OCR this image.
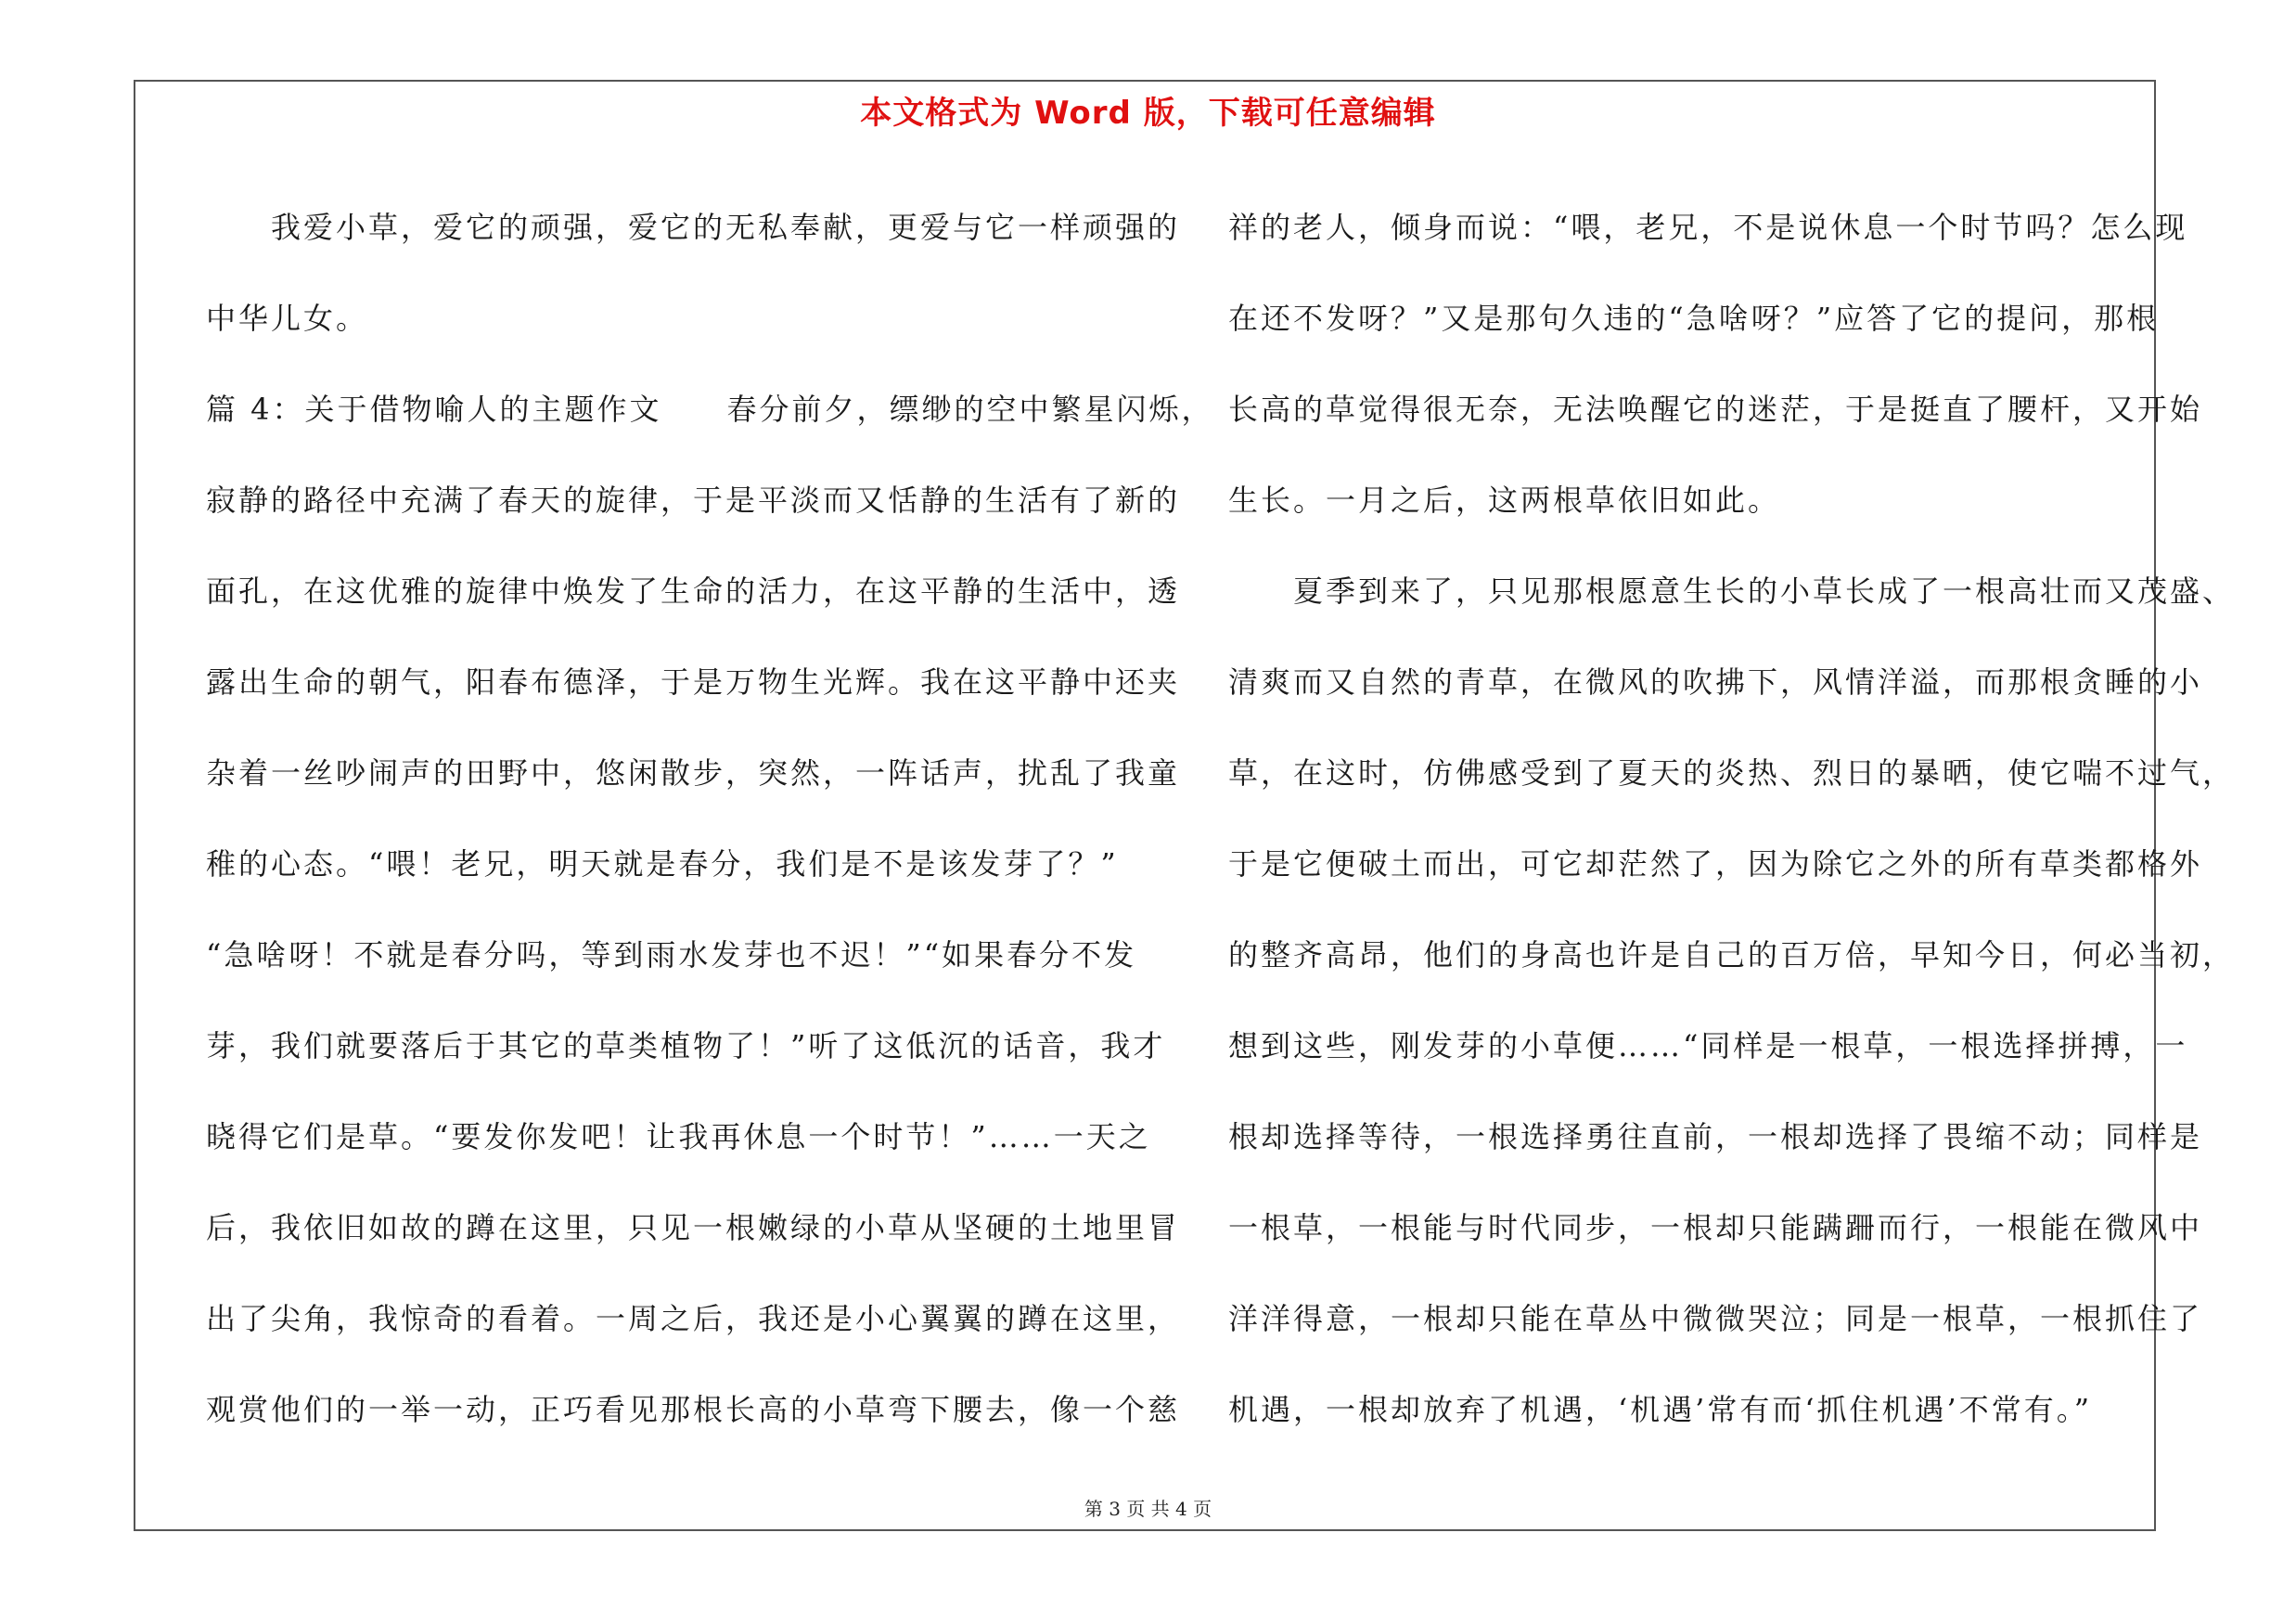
本文格式为 Word 版，下载可任意编辑
　　我爱小草，爱它的顽强，爱它的无私奉献，更爱与它一样顽强的
中华儿女。
篇 4：关于借物喻人的主题作文　　春分前夕，缥缈的空中繁星闪烁，
寂静的路径中充满了春天的旋律，于是平淡而又恬静的生活有了新的
面孔，在这优雅的旋律中焕发了生命的活力，在这平静的生活中，透
露出生命的朝气，阳春布德泽，于是万物生光辉。我在这平静中还夹
杂着一丝吵闹声的田野中，悠闲散步，突然，一阵话声，扰乱了我童
稚的心态。“喂！老兄，明天就是春分，我们是不是该发芽了？”
“急啥呀！不就是春分吗，等到雨水发芽也不迟！”“如果春分不发
芽，我们就要落后于其它的草类植物了！”听了这低沉的话音，我才
晓得它们是草。“要发你发吧！让我再休息一个时节！”……一天之
后，我依旧如故的蹲在这里，只见一根嫩绿的小草从坚硬的土地里冒
出了尖角，我惊奇的看着。一周之后，我还是小心翼翼的蹲在这里，
观赏他们的一举一动，正巧看见那根长高的小草弯下腰去，像一个慈
祥的老人，倾身而说：“喂，老兄，不是说休息一个时节吗？怎么现
在还不发呀？”又是那句久违的“急啥呀？”应答了它的提问，那根
长高的草觉得很无奈，无法唤醒它的迷茫，于是挺直了腰杆，又开始
生长。一月之后，这两根草依旧如此。
　　夏季到来了，只见那根愿意生长的小草长成了一根高壮而又茂盛、
清爽而又自然的青草，在微风的吹拂下，风情洋溢，而那根贪睡的小
草，在这时，仿佛感受到了夏天的炎热、烈日的暴晒，使它喘不过气，
于是它便破土而出，可它却茫然了，因为除它之外的所有草类都格外
的整齐高昂，他们的身高也许是自己的百万倍，早知今日，何必当初，
想到这些，刚发芽的小草便……“同样是一根草，一根选择拼搏，一
根却选择等待，一根选择勇往直前，一根却选择了畏缩不动；同样是
一根草，一根能与时代同步，一根却只能蹒跚而行，一根能在微风中
洋洋得意，一根却只能在草丛中微微哭泣；同是一根草，一根抓住了
机遇，一根却放弃了机遇，‘机遇’常有而‘抓住机遇’不常有。”
第 3 页 共 4 页
